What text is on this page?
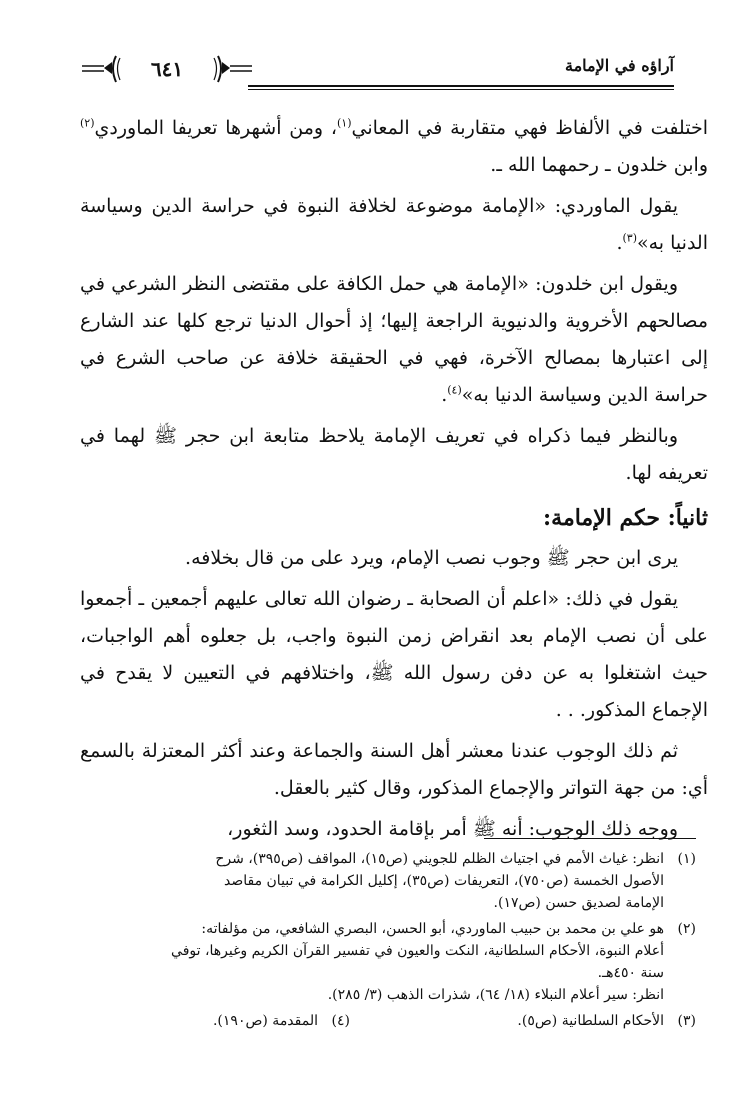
آراؤه في الإمامة
٦٤١

اختلفت في الألفاظ فهي متقاربة في المعاني$^{(١)}$، ومن أشهرها تعريفا الماوردي$^{(٢)}$ وابن خلدون ـ رحمهما الله ـ.

يقول الماوردي: «الإمامة موضوعة لخلافة النبوة في حراسة الدين وسياسة الدنيا به»$^{(٣)}$.

ويقول ابن خلدون: «الإمامة هي حمل الكافة على مقتضى النظر الشرعي في مصالحهم الأخروية والدنيوية الراجعة إليها؛ إذ أحوال الدنيا ترجع كلها عند الشارع إلى اعتبارها بمصالح الآخرة، فهي في الحقيقة خلافة عن صاحب الشرع في حراسة الدين وسياسة الدنيا به»$^{(٤)}$.

وبالنظر فيما ذكراه في تعريف الإمامة يلاحظ متابعة ابن حجر ﷺ لهما في تعريفه لها.

ثانياً: حكم الإمامة:

يرى ابن حجر ﷺ وجوب نصب الإمام، ويرد على من قال بخلافه.

يقول في ذلك: «اعلم أن الصحابة ـ رضوان الله تعالى عليهم أجمعين ـ أجمعوا على أن نصب الإمام بعد انقراض زمن النبوة واجب، بل جعلوه أهم الواجبات، حيث اشتغلوا به عن دفن رسول الله ﷺ، واختلافهم في التعيين لا يقدح في الإجماع المذكور. . .

ثم ذلك الوجوب عندنا معشر أهل السنة والجماعة وعند أكثر المعتزلة بالسمع أي: من جهة التواتر والإجماع المذكور، وقال كثير بالعقل.

ووجه ذلك الوجوب: أنه ﷺ أمر بإقامة الحدود، وسد الثغور،

(١)
انظر: غياث الأمم في اجتياث الظلم للجويني (ص١٥)، المواقف (ص٣٩٥)، شرح
الأصول الخمسة (ص٧٥٠)، التعريفات (ص٣٥)، إكليل الكرامة في تبيان مقاصد
الإمامة لصديق حسن (ص١٧).
(٢)
هو علي بن محمد بن حبيب الماوردي، أبو الحسن، البصري الشافعي، من مؤلفاته:
أعلام النبوة، الأحكام السلطانية، النكت والعيون في تفسير القرآن الكريم وغيرها، توفي
سنة ٤٥٠هـ.
انظر: سير أعلام النبلاء (١٨/ ٦٤)، شذرات الذهب (٣/ ٢٨٥).
(٣)
الأحكام السلطانية (ص٥).
(٤)
المقدمة (ص١٩٠).
